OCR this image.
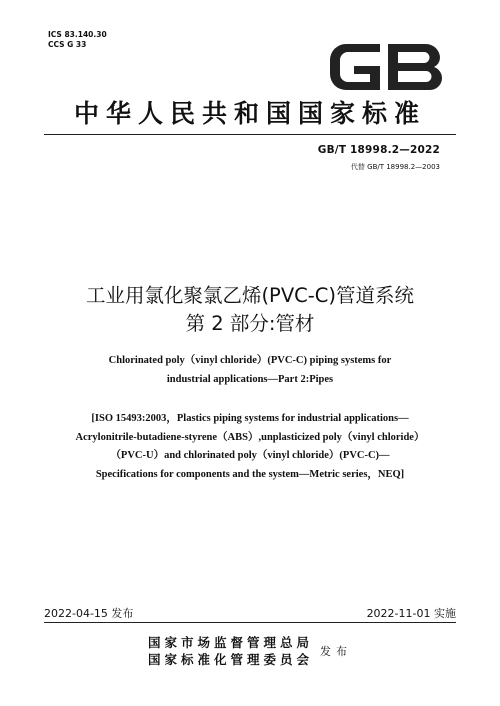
ICS 83.140.30
CCS G 33
中华人民共和国国家标准
GB/T 18998.2—2022
代替 GB/T 18998.2—2003
工业用氯化聚氯乙烯(PVC-C)管道系统
第 2 部分:管材
Chlorinated poly（vinyl chloride）(PVC-C) piping systems for
industrial applications—Part 2:Pipes
[ISO 15493:2003，Plastics piping systems for industrial applications—
Acrylonitrile-butadiene-styrene（ABS）,unplasticized poly（vinyl chloride）
（PVC-U）and chlorinated poly（vinyl chloride）(PVC-C)—
Specifications for components and the system—Metric series，NEQ]
2022-04-15 发布	2022-11-01 实施
国家市场监督管理总局
国家标准化管理委员会
发布
